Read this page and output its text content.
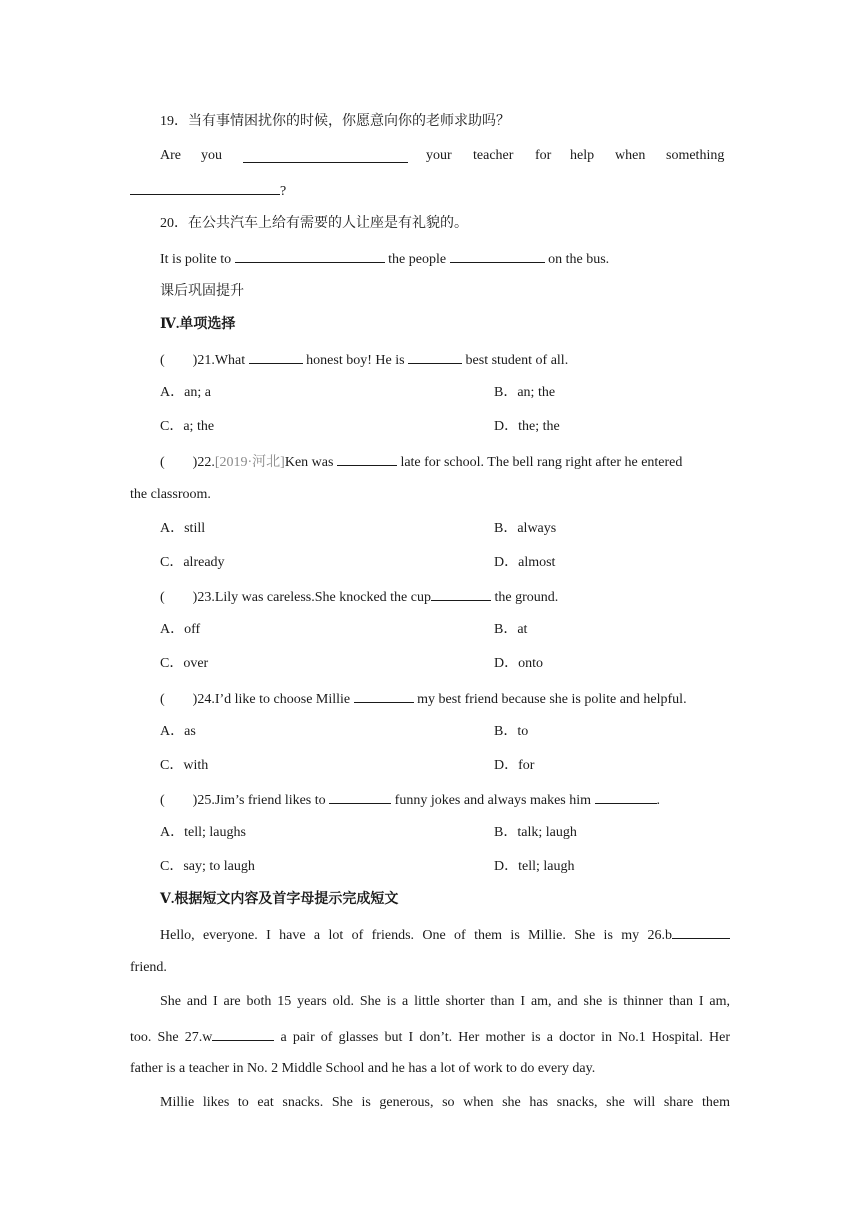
19．当有事情困扰你的时候，你愿意向你的老师求助吗？
Are you	your teacher for help when something
?
20．在公共汽车上给有需要的人让座是有礼貌的。
It is polite to	the people	on the bus.
课后巩固提升
Ⅳ.单项选择
(　　)21.What	honest boy! He is	best student of all.
A．an; a	B．an; the
C．a; the	D．the; the
(　　)22.[2019·河北]Ken was	late for school. The bell rang right after he entered
the classroom.
A．still	B．always
C．already	D．almost
(　　)23.Lily was careless.She knocked the cup	the ground.
A．off	B．at
C．over	D．onto
(　　)24.I’d like to choose Millie	my best friend because she is polite and helpful.
A．as	B．to
C．with	D．for
(　　)25.Jim’s friend likes to	funny jokes and always makes him	.
A．tell; laughs	B．talk; laugh
C．say; to laugh	D．tell; laugh
Ⅴ.根据短文内容及首字母提示完成短文
Hello, everyone. I have a lot of friends. One of them is Millie. She is my 26.b
friend.
She and I are both 15 years old. She is a little shorter than I am, and she is thinner than I am,
too. She 27.w	a pair of glasses but I don’t. Her mother is a doctor in No.1 Hospital. Her
father is a teacher in No. 2 Middle School and he has a lot of work to do every day.
Millie likes to eat snacks. She is generous, so when she has snacks, she will share them
